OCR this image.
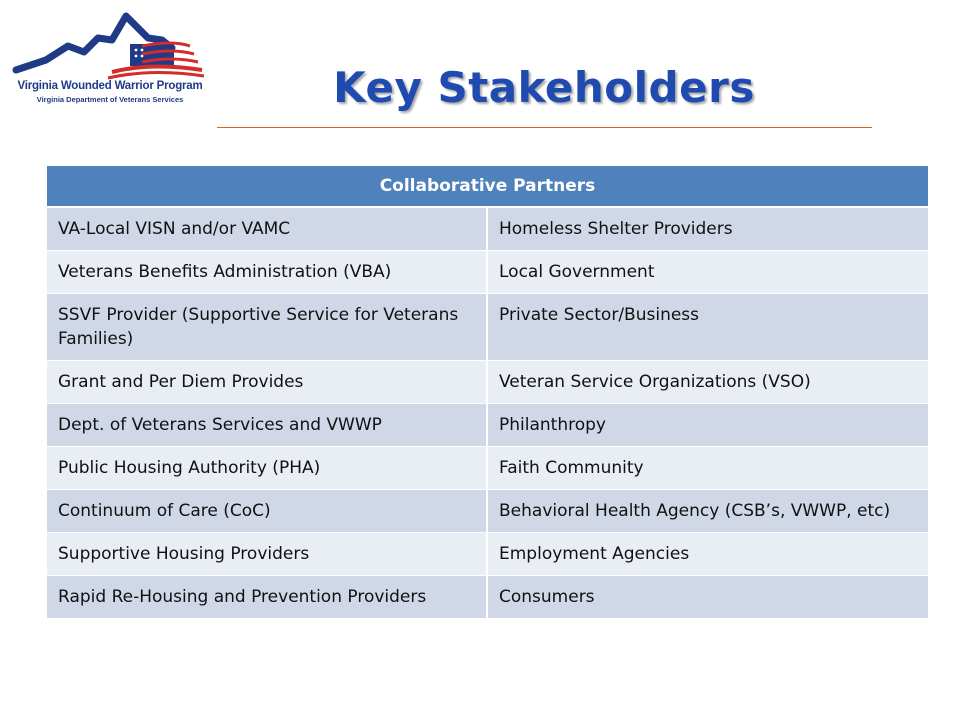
Virginia Wounded Warrior Program
Virginia Department of Veterans Services	Key Stakeholders
Collaborative Partners	
VA-Local VISN and/or VAMC	Homeless Shelter Providers
Veterans Benefits Administration (VBA)	Local Government
SSVF Provider (Supportive Service for Veterans Families)	Private Sector/Business
Grant and Per Diem Provides	Veteran Service Organizations (VSO)
Dept. of Veterans Services and VWWP	Philanthropy
Public Housing Authority (PHA)	Faith Community
Continuum of Care (CoC)	Behavioral Health Agency (CSB’s, VWWP, etc)
Supportive Housing Providers	Employment Agencies
Rapid Re-Housing and Prevention Providers	Consumers
